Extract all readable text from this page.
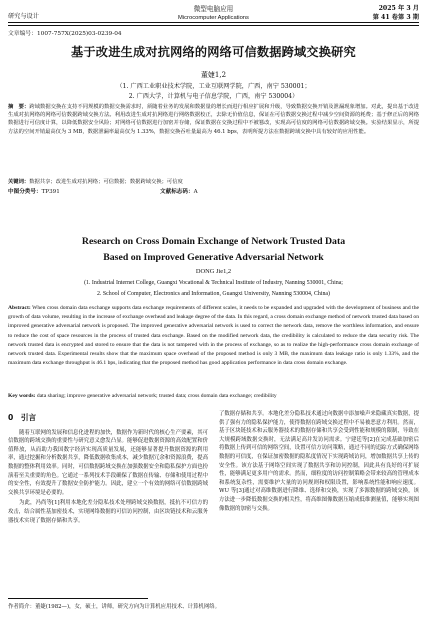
研究与设计
微型电脑应用
Microcomputer Applications
2025 年 3 月
第 41 卷第 3 期
文章编号：1007-757X(2025)03-0239-04
基于改进生成对抗网络的网络可信数据跨域交换研究
董婕1,2
（1. 广西工业职业技术学院，工业互联网学院，广西，南宁 530001；
2. 广西大学，计算机与电子信息学院，广西，南宁 530004）
摘　要：跨域数据交换在支持不同规模的数据交换需求时，须随着业务的发展和数据量的增长而进行相应扩展和升级，导致数据交换开销及泄漏现象增加。对此，提出基于改进生成对抗网络的网络可信数据跨域交换方法。利用改进生成对抗网络进行网络数据校正，去除无价值信息，保证在可信数据交换过程中减少空间资源的耗费；基于修正后的网络数据进行可信度计算，以降低数据安全风险；对网络可信数据进行加密并存储，保证数据在交换过程中不被篡改，实现高可信度的网络可信数据跨域交换。实验结果显示，所提方法的空间开销最高仅为 3 MB，数据泄漏率最高仅为 1.33%，数据交换吞吐量最高为 46.1 bps，表明所提方法在数据跨域交换中具有较好的应用性能。
关键词：数据共享；改进生成对抗网络；可信数据；数据跨域交换；可信度
中图分类号：TP391	文献标志码：A
Research on Cross Domain Exchange of Network Trusted Data
Based on Improved Generative Adversarial Network
DONG Jie1,2
(1. Industrial Internet College, Guangxi Vocational & Technical Institute of Industry, Nanning 530001, China;
2. School of Computer, Electronics and Information, Guangxi University, Nanning 530004, China)
Abstract: When cross domain data exchange supports data exchange requirements of different scales, it needs to be expanded and upgraded with the development of business and the growth of data volume, resulting in the increase of exchange overhead and leakage degree of the data. In this regard, a cross domain exchange method of network trusted data based on improved generative adversarial network is proposed. The improved generative adversarial network is used to correct the network data, remove the worthless information, and ensure to reduce the cost of space resources in the process of trusted data exchange. Based on the modified network data, the credibility is calculated to reduce the data security risk. The network trusted data is encrypted and stored to ensure that the data is not tampered with in the process of exchange, so as to realize the high-performance cross domain exchange of network trusted data. Experimental results show that the maximum space overhead of the proposed method is only 3 MB, the maximum data leakage ratio is only 1.33%, and the maximum data exchange throughput is 46.1 bps, indicating that the proposed method has good application performance in data cross domain exchange.
Key words: data sharing; improve generative adversarial network; trusted data; cross domain data exchange; credibility
0　引言

随着互联网的发展和信息化进程的加快，数据作为新时代的核心生产要素，其可信数据的跨域交换的重要性与研究意义愈发凸显。能够促进数据资源的高效配置和价值释放，从而助力我国数字经济实现高质量发展，还能够显著提升数据资源的利用率，通过挖掘和分析数据共享，降低数据收集成本，减少数据冗余和资源浪费，提高数据的整体利用效率。同时，可信数据跨域交换在加强数据安全和隐私保护方面也扮演着至关重要的角色。它通过一系列技术手段确保了数据在传输、存储和使用过程中的安全性，有效提升了数据安全防护能力。因此，建立一个有效的网络可信数据跨域交换共享环境是必要的。

为此，冯尚等[1]利用本地化差分隐私技术处理跨域交换数据，抵抗不可信方的攻击，结合属性基加密技术，实现网络数据的可信访问控制，由区块链技术和云服务器技术实现了数据存储和共享。

了数据存储和共享。本地化差分隐私技术通过向数据中添加噪声来隐藏真实数据，提供了强有力的隐私保护能力，使得数据在跨域交换过程中不易被恶意方利用。然而，基于区块链技术和云服务器技术的数据存储和共享会受到性能和规模的限制，导致在大规模跨域数据交换时，无法满足高并发访问需求。宁建廷等[2]在完成基础加密后将数据上传到可信的网络空间，设置可信方访问策略，通过不同的追踪方式确保网络数据的可信度，在保证加密数据的隐私度情况下实现跨域访问，增加数据共享上传的安全性。该方法基于网络空间实现了数据共享和访问控制，因此具有良好的可扩展性，能够满足更多用户的需求。然而，细粒度的访问控制策略会带来较高的管理成本和系统复杂性，需要维护大量的访问规则和权限设置，影响系统性能和响应速度。WU 等[3]通过对高维数据进行降维、选择和交换，实现了多源数据的跨域交换，该方法进一步降低数据交换的相关性，将高维图像数据压缩成低维测量值，能够实现图像数据的加密与交换。

作者简介：董婕(1982—)，女，硕士，讲师，研究方向为计算机应用技术、计算机网络。
